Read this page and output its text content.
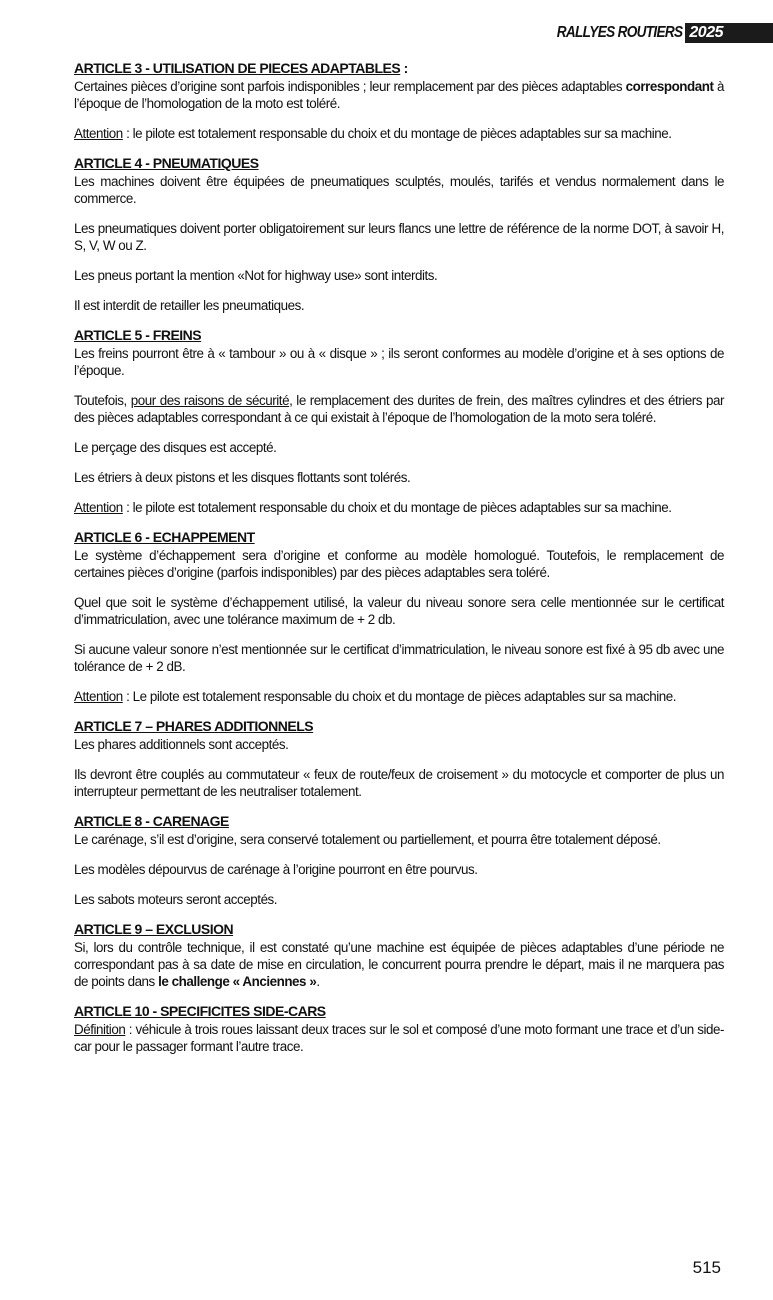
RALLYES ROUTIERS 2025
ARTICLE 3 - UTILISATION DE PIECES ADAPTABLES :

Certaines pièces d’origine sont parfois indisponibles ; leur remplacement par des pièces adaptables correspondant à l’époque de l’homologation de la moto est toléré.

Attention : le pilote est totalement responsable du choix et du montage de pièces adaptables sur sa machine.

ARTICLE 4 - PNEUMATIQUES

Les machines doivent être équipées de pneumatiques sculptés, moulés, tarifés et vendus normalement dans le commerce.

Les pneumatiques doivent porter obligatoirement sur leurs flancs une lettre de référence de la norme DOT, à savoir H, S, V, W ou Z.

Les pneus portant la mention «Not for highway use» sont interdits.

Il est interdit de retailler les pneumatiques.

ARTICLE 5 - FREINS

Les freins pourront être à « tambour » ou à « disque » ; ils seront conformes au modèle d’origine et à ses options de l’époque.

Toutefois, pour des raisons de sécurité, le remplacement des durites de frein, des maîtres cylindres et des étriers par des pièces adaptables correspondant à ce qui existait à l’époque de l’homologation de la moto sera toléré.

Le perçage des disques est accepté.

Les étriers à deux pistons et les disques flottants sont tolérés.

Attention : le pilote est totalement responsable du choix et du montage de pièces adaptables sur sa machine.

ARTICLE 6 - ECHAPPEMENT

Le système d’échappement sera d’origine et conforme au modèle homologué. Toutefois, le remplacement de certaines pièces d’origine (parfois indisponibles) par des pièces adaptables sera toléré.

Quel que soit le système d’échappement utilisé, la valeur du niveau sonore sera celle mentionnée sur le certificat d’immatriculation, avec une tolérance maximum de + 2 db.

Si aucune valeur sonore n’est mentionnée sur le certificat d’immatriculation, le niveau sonore est fixé à 95 db avec une tolérance de + 2 dB.

Attention : Le pilote est totalement responsable du choix et du montage de pièces adaptables sur sa machine.

ARTICLE 7 – PHARES ADDITIONNELS

Les phares additionnels sont acceptés.

Ils devront être couplés au commutateur « feux de route/feux de croisement » du motocycle et comporter de plus un interrupteur permettant de les neutraliser totalement.

ARTICLE 8 - CARENAGE

Le carénage, s’il est d’origine, sera conservé totalement ou partiellement, et pourra être totalement déposé.

Les modèles dépourvus de carénage à l’origine pourront en être pourvus.

Les sabots moteurs seront acceptés.

ARTICLE 9 – EXCLUSION

Si, lors du contrôle technique, il est constaté qu’une machine est équipée de pièces adaptables d’une période ne correspondant pas à sa date de mise en circulation, le concurrent pourra prendre le départ, mais il ne marquera pas de points dans le challenge « Anciennes ».

ARTICLE 10 - SPECIFICITES SIDE-CARS

Définition : véhicule à trois roues laissant deux traces sur le sol et composé d’une moto formant une trace et d’un side-car pour le passager formant l’autre trace.

515
